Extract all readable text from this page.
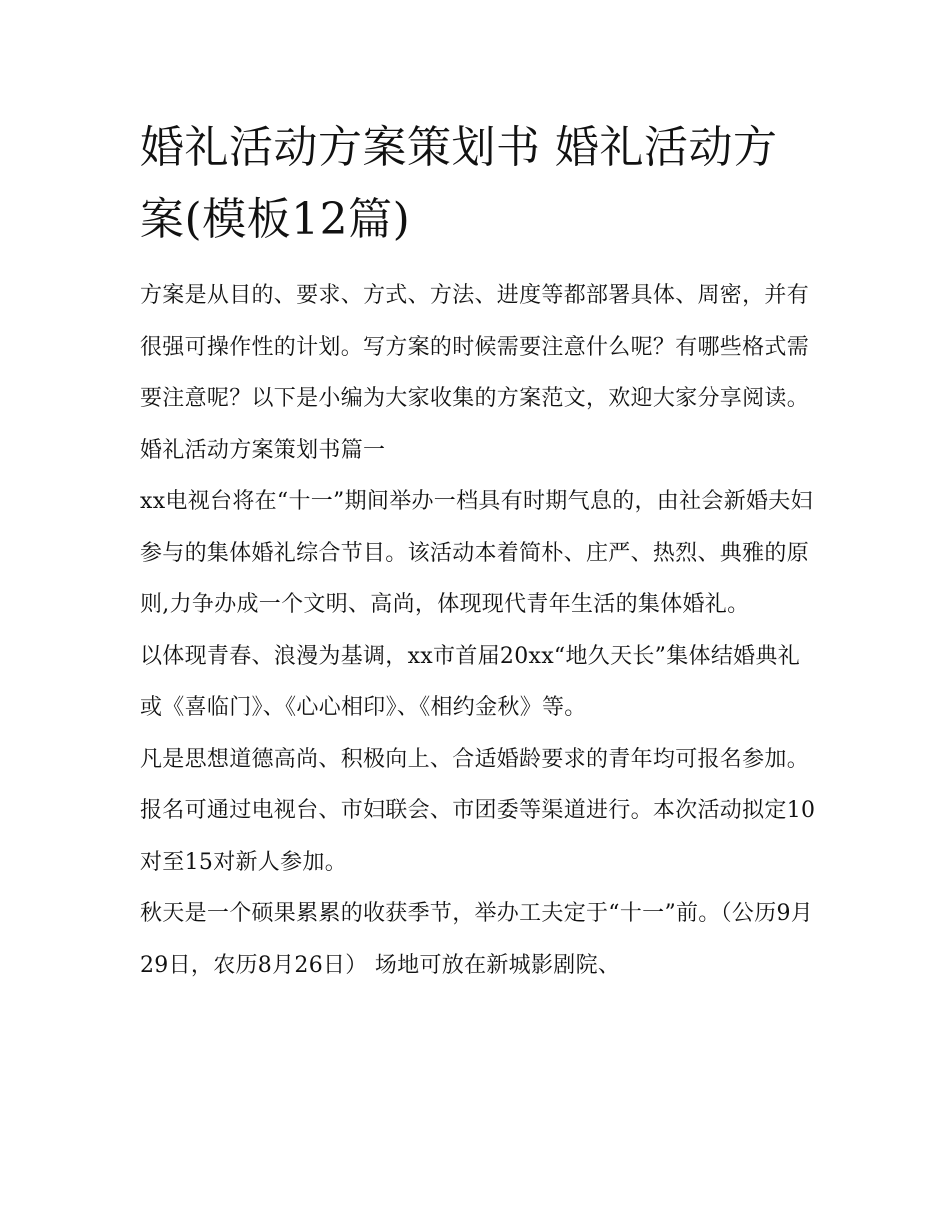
婚礼活动方案策划书 婚礼活动方案(模板12篇)

方案是从目的、要求、方式、方法、进度等都部署具体、周密，并有很强可操作性的计划。写方案的时候需要注意什么呢？有哪些格式需要注意呢？以下是小编为大家收集的方案范文，欢迎大家分享阅读。

婚礼活动方案策划书篇一

xx电视台将在“十一”期间举办一档具有时期气息的，由社会新婚夫妇参与的集体婚礼综合节目。该活动本着简朴、庄严、热烈、典雅的原则,力争办成一个文明、高尚，体现现代青年生活的集体婚礼。

以体现青春、浪漫为基调，xx市首届20xx“地久天长”集体结婚典礼或《喜临门》、《心心相印》、《相约金秋》等。

凡是思想道德高尚、积极向上、合适婚龄要求的青年均可报名参加。报名可通过电视台、市妇联会、市团委等渠道进行。本次活动拟定10对至15对新人参加。

秋天是一个硕果累累的收获季节，举办工夫定于“十一”前。（公历9月29日，农历8月26日） 场地可放在新城影剧院、
